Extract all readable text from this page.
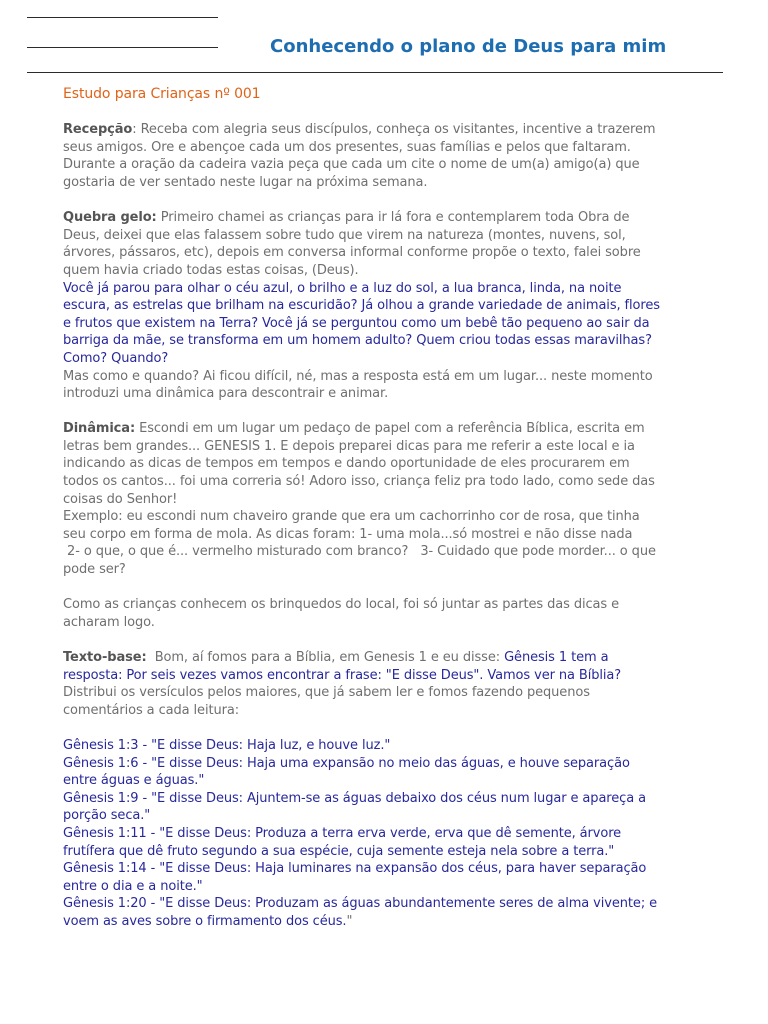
Conhecendo o plano de Deus para mim
Estudo para Crianças nº 001
Recepção: Receba com alegria seus discípulos, conheça os visitantes, incentive a trazerem
seus amigos. Ore e abençoe cada um dos presentes, suas famílias e pelos que faltaram.
Durante a oração da cadeira vazia peça que cada um cite o nome de um(a) amigo(a) que
gostaria de ver sentado neste lugar na próxima semana.
Quebra gelo: Primeiro chamei as crianças para ir lá fora e contemplarem toda Obra de
Deus, deixei que elas falassem sobre tudo que virem na natureza (montes, nuvens, sol,
árvores, pássaros, etc), depois em conversa informal conforme propõe o texto, falei sobre
quem havia criado todas estas coisas, (Deus).
Você já parou para olhar o céu azul, o brilho e a luz do sol, a lua branca, linda, na noite
escura, as estrelas que brilham na escuridão? Já olhou a grande variedade de animais, flores
e frutos que existem na Terra? Você já se perguntou como um bebê tão pequeno ao sair da
barriga da mãe, se transforma em um homem adulto? Quem criou todas essas maravilhas?
Como? Quando?
Mas como e quando? Ai ficou difícil, né, mas a resposta está em um lugar... neste momento
introduzi uma dinâmica para descontrair e animar.
Dinâmica: Escondi em um lugar um pedaço de papel com a referência Bíblica, escrita em
letras bem grandes... GENESIS 1. E depois preparei dicas para me referir a este local e ia
indicando as dicas de tempos em tempos e dando oportunidade de eles procurarem em
todos os cantos... foi uma correria só! Adoro isso, criança feliz pra todo lado, como sede das
coisas do Senhor!
Exemplo: eu escondi num chaveiro grande que era um cachorrinho cor de rosa, que tinha
seu corpo em forma de mola. As dicas foram: 1- uma mola...só mostrei e não disse nada
2- o que, o que é... vermelho misturado com branco?   3- Cuidado que pode morder... o que
pode ser?
Como as crianças conhecem os brinquedos do local, foi só juntar as partes das dicas e
acharam logo.
Texto-base:  Bom, aí fomos para a Bíblia, em Genesis 1 e eu disse: Gênesis 1 tem a
resposta: Por seis vezes vamos encontrar a frase: "E disse Deus". Vamos ver na Bíblia?
Distribui os versículos pelos maiores, que já sabem ler e fomos fazendo pequenos
comentários a cada leitura:
Gênesis 1:3 - "E disse Deus: Haja luz, e houve luz."
Gênesis 1:6 - "E disse Deus: Haja uma expansão no meio das águas, e houve separação
entre águas e águas."
Gênesis 1:9 - "E disse Deus: Ajuntem-se as águas debaixo dos céus num lugar e apareça a
porção seca."
Gênesis 1:11 - "E disse Deus: Produza a terra erva verde, erva que dê semente, árvore
frutífera que dê fruto segundo a sua espécie, cuja semente esteja nela sobre a terra."
Gênesis 1:14 - "E disse Deus: Haja luminares na expansão dos céus, para haver separação
entre o dia e a noite."
Gênesis 1:20 - "E disse Deus: Produzam as águas abundantemente seres de alma vivente; e
voem as aves sobre o firmamento dos céus."
